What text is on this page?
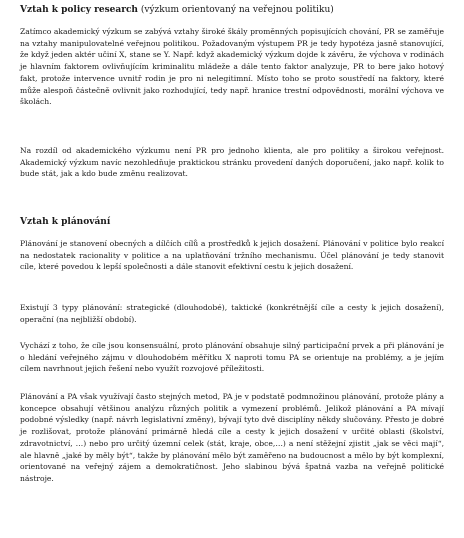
Vztah k policy research (výzkum orientovaný na veřejnou politiku)

Zatímco akademický výzkum se zabývá vztahy široké škály proměnných popisujících chování, PR se zaměřuje na vztahy manipulovatelné veřejnou politikou. Požadovaným výstupem PR je tedy hypotéza jasně stanovující, že když jeden aktér učiní X, stane se Y. Např. když akademický výzkum dojde k závěru, že výchova v rodinách je hlavním faktorem ovlivňujícím kriminalitu mládeže a dále tento faktor analyzuje, PR to bere jako hotový fakt, protože intervence uvnitř rodin je pro ni nelegitimní. Místo toho se proto soustředí na faktory, které může alespoň částečně ovlivnit jako rozhodující, tedy např. hranice trestní odpovědnosti, morální výchova ve školách.

Na rozdíl od akademického výzkumu není PR pro jednoho klienta, ale pro politiky a širokou veřejnost. Akademický výzkum navíc nezohledňuje praktickou stránku provedení daných doporučení, jako např. kolik to bude stát, jak a kdo bude změnu realizovat.

Vztah k plánování

Plánování je stanovení obecných a dílčích cílů a prostředků k jejich dosažení. Plánování v politice bylo reakcí na nedostatek racionality v politice a na uplatňování tržního mechanismu. Účel plánování je tedy stanovit cíle, které povedou k lepší společnosti a dále stanovit efektivní cestu k jejich dosažení.

Existují 3 typy plánování: strategické (dlouhodobé), taktické (konkrétnější cíle a cesty k jejich dosažení), operační (na nejbližší období).

Vychází z toho, že cíle jsou konsensuální, proto plánování obsahuje silný participační prvek a při plánování je o hledání veřejného zájmu v dlouhodobém měřítku X naproti tomu PA se orientuje na problémy, a je jejím cílem navrhnout jejich řešení nebo využít rozvojové příležitosti.

Plánování a PA však využívají často stejných metod, PA je v podstatě podmnožinou plánování, protože plány a koncepce obsahují většinou analýzu různých politik a vymezení problémů. Jelikož plánování a PA mívají podobné výsledky (např. návrh legislativní změny), bývají tyto dvě disciplíny někdy slučovány. Přesto je dobré je rozlišovat, protože plánování primárně hledá cíle a cesty k jejich dosažení v určité oblasti (školství, zdravotnictví, …) nebo pro určitý územní celek (stát, kraje, obce,…) a není stěžejní zjistit „jak se věci mají“, ale hlavně „jaké by měly být“, takže by plánování mělo být zaměřeno na budoucnost a mělo by být komplexní, orientované na veřejný zájem a demokratičnost. Jeho slabinou bývá špatná vazba na veřejně politické nástroje.
